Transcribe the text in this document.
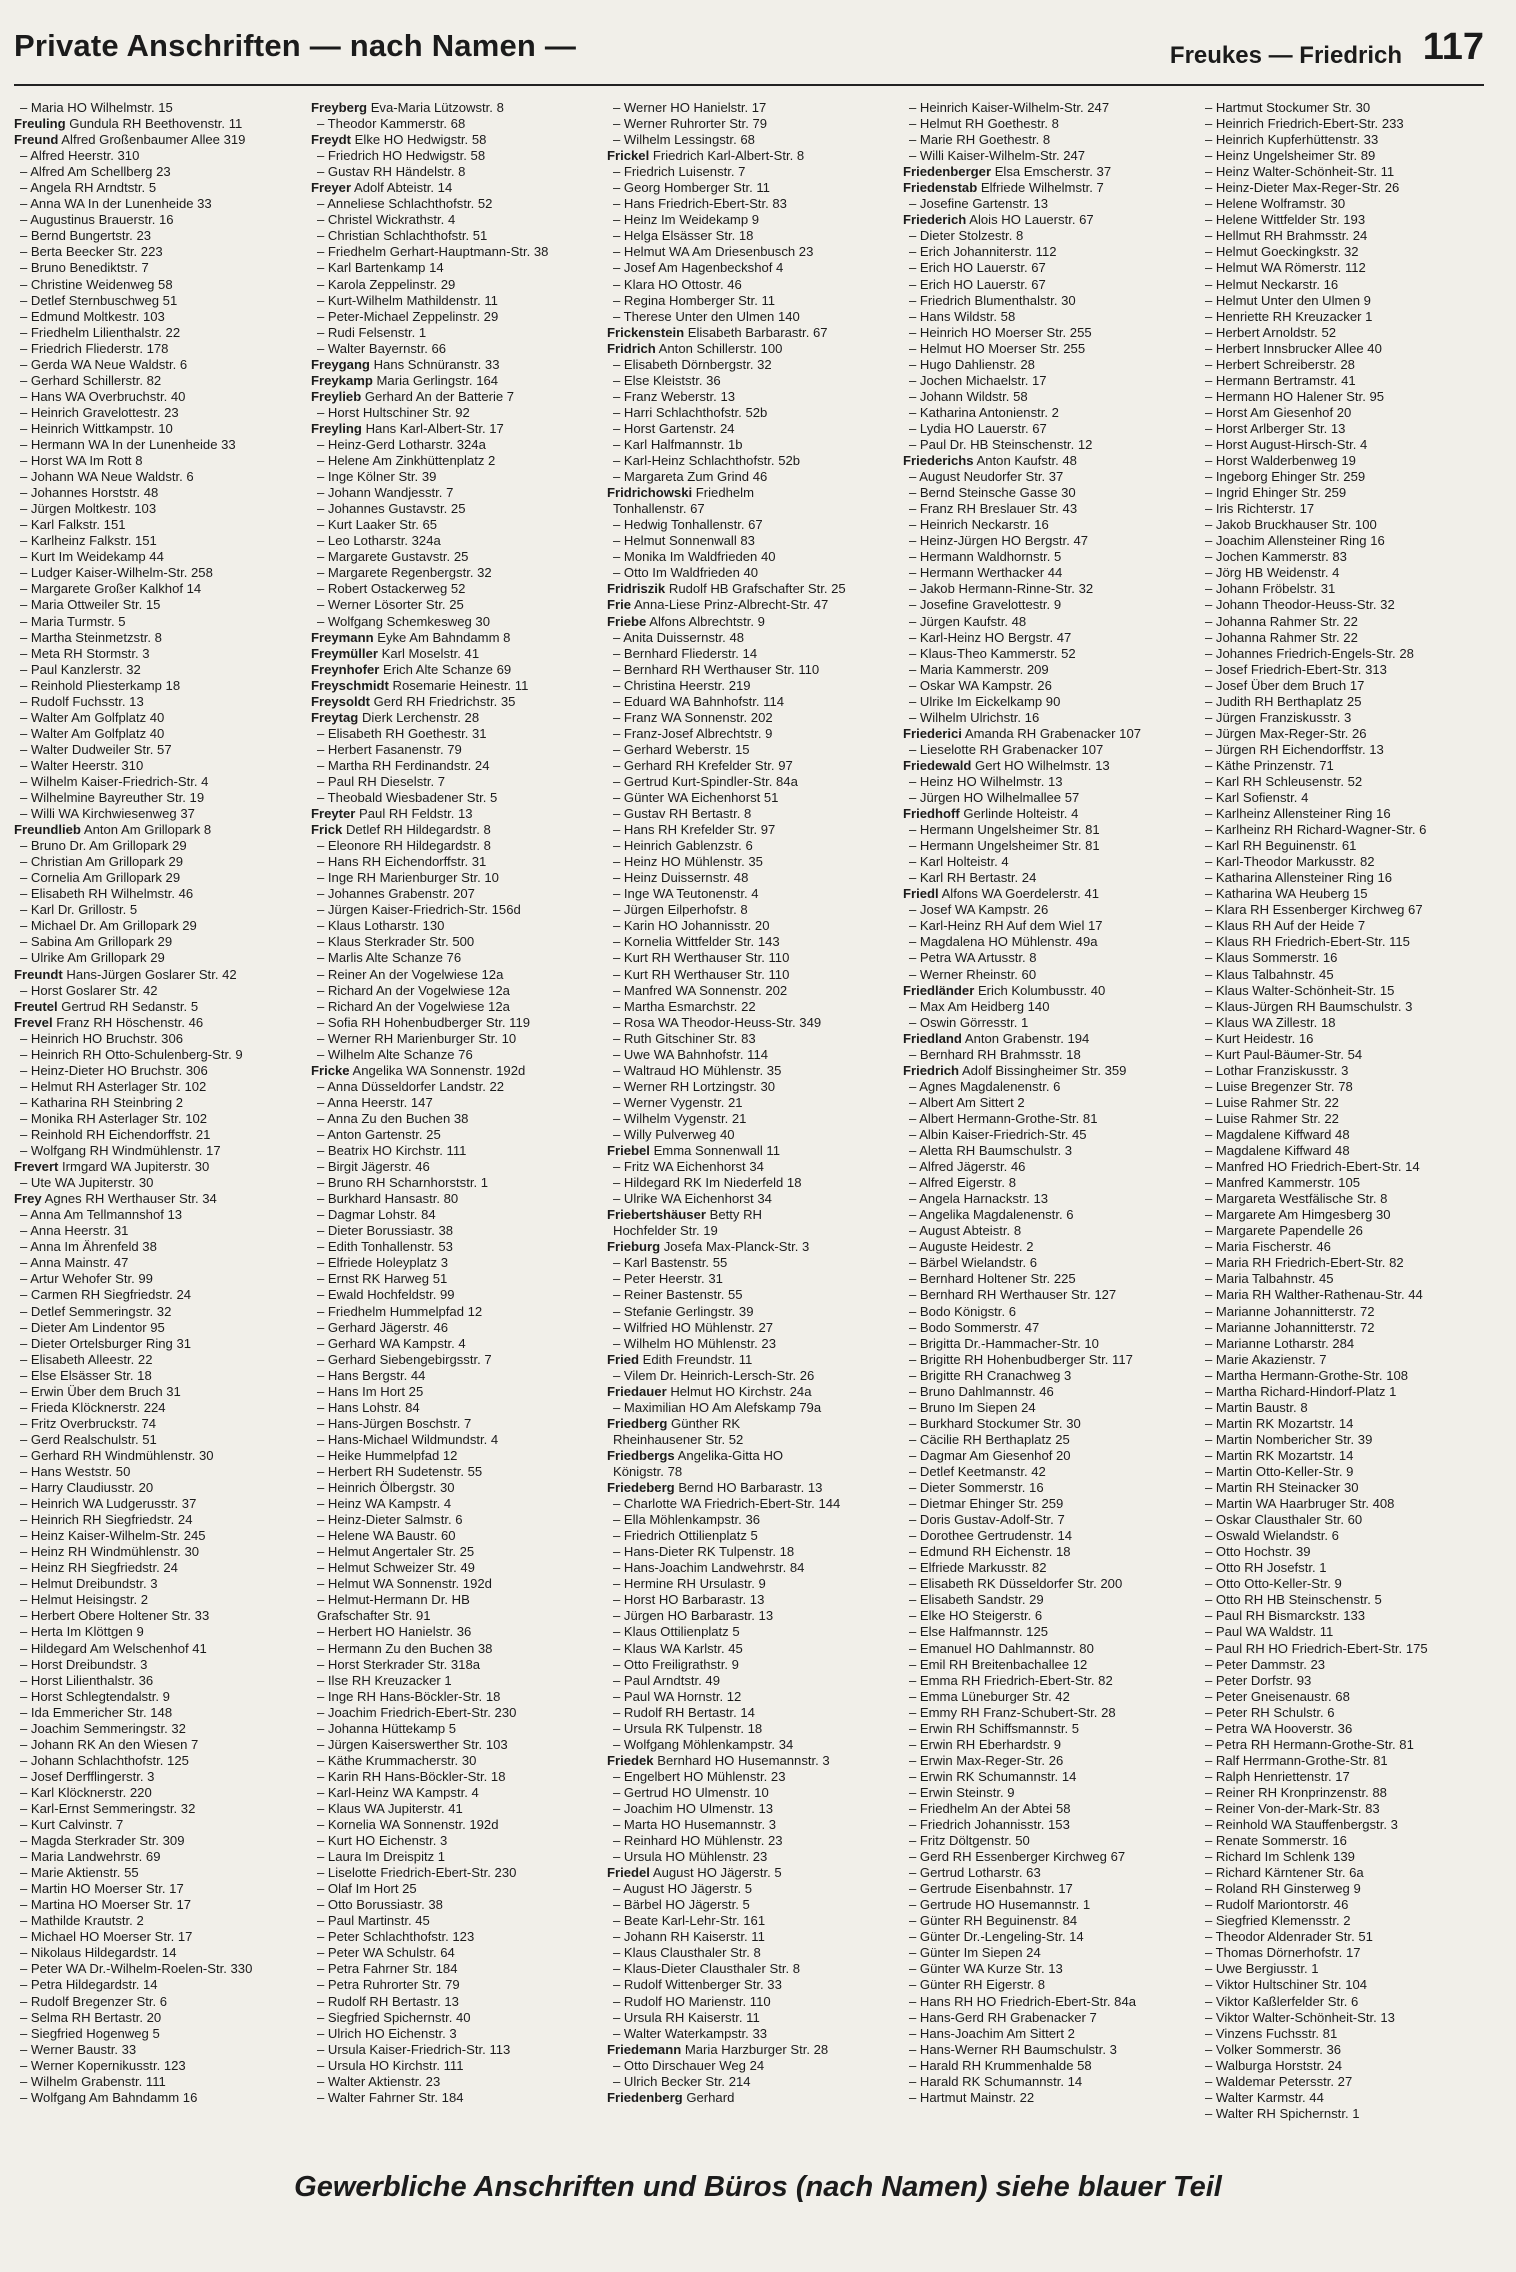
Private Anschriften — nach Namen —	Freukes — Friedrich 117
– Maria HO Wilhelmstr. 15
Freuling Gundula RH Beethovenstr. 11
Freund Alfred Großenbaumer Allee 319
– Alfred Heerstr. 310
– Alfred Am Schellberg 23
– Angela RH Arndtstr. 5
– Anna WA In der Lunenheide 33
– Augustinus Brauerstr. 16
– Bernd Bungertstr. 23
– Berta Beecker Str. 223
– Bruno Benediktstr. 7
– Christine Weidenweg 58
– Detlef Sternbuschweg 51
– Edmund Moltkestr. 103
– Friedhelm Lilienthalstr. 22
– Friedrich Fliederstr. 178
– Gerda WA Neue Waldstr. 6
– Gerhard Schillerstr. 82
– Hans WA Overbruchstr. 40
– Heinrich Gravelottestr. 23
– Heinrich Wittkampstr. 10
– Hermann WA In der Lunenheide 33
– Horst WA Im Rott 8
– Johann WA Neue Waldstr. 6
– Johannes Horststr. 48
– Jürgen Moltkestr. 103
– Karl Falkstr. 151
– Karlheinz Falkstr. 151
– Kurt Im Weidekamp 44
– Ludger Kaiser-Wilhelm-Str. 258
– Margarete Großer Kalkhof 14
– Maria Ottweiler Str. 15
– Maria Turmstr. 5
– Martha Steinmetzstr. 8
– Meta RH Stormstr. 3
– Paul Kanzlerstr. 32
– Reinhold Pliesterkamp 18
– Rudolf Fuchsstr. 13
– Walter Am Golfplatz 40
– Walter Am Golfplatz 40
– Walter Dudweiler Str. 57
– Walter Heerstr. 310
– Wilhelm Kaiser-Friedrich-Str. 4
– Wilhelmine Bayreuther Str. 19
– Willi WA Kirchwiesenweg 37
Freundlieb Anton Am Grillopark 8
– Bruno Dr. Am Grillopark 29
– Christian Am Grillopark 29
– Cornelia Am Grillopark 29
– Elisabeth RH Wilhelmstr. 46
– Karl Dr. Grillostr. 5
– Michael Dr. Am Grillopark 29
– Sabina Am Grillopark 29
– Ulrike Am Grillopark 29
Freundt Hans-Jürgen Goslarer Str. 42
– Horst Goslarer Str. 42
Freutel Gertrud RH Sedanstr. 5
Frevel Franz RH Höschenstr. 46
– Heinrich HO Bruchstr. 306
– Heinrich RH Otto-Schulenberg-Str. 9
– Heinz-Dieter HO Bruchstr. 306
– Helmut RH Asterlager Str. 102
– Katharina RH Steinbring 2
– Monika RH Asterlager Str. 102
– Reinhold RH Eichendorffstr. 21
– Wolfgang RH Windmühlenstr. 17
Frevert Irmgard WA Jupiterstr. 30
– Ute WA Jupiterstr. 30
Frey Agnes RH Werthauser Str. 34
– Anna Am Tellmannshof 13
– Anna Heerstr. 31
– Anna Im Ährenfeld 38
– Anna Mainstr. 47
– Artur Wehofer Str. 99
– Carmen RH Siegfriedstr. 24
– Detlef Semmeringstr. 32
– Dieter Am Lindentor 95
– Dieter Ortelsburger Ring 31
– Elisabeth Alleestr. 22
– Else Elsässer Str. 18
– Erwin Über dem Bruch 31
– Frieda Klöcknerstr. 224
– Fritz Overbruckstr. 74
– Gerd Realschulstr. 51
– Gerhard RH Windmühlenstr. 30
– Hans Weststr. 50
– Harry Claudiusstr. 20
– Heinrich WA Ludgerusstr. 37
– Heinrich RH Siegfriedstr. 24
– Heinz Kaiser-Wilhelm-Str. 245
– Heinz RH Windmühlenstr. 30
– Heinz RH Siegfriedstr. 24
– Helmut Dreibundstr. 3
– Helmut Heisingstr. 2
– Herbert Obere Holtener Str. 33
– Herta Im Klöttgen 9
– Hildegard Am Welschenhof 41
– Horst Dreibundstr. 3
– Horst Lilienthalstr. 36
– Horst Schlegtendalstr. 9
– Ida Emmericher Str. 148
– Joachim Semmeringstr. 32
– Johann RK An den Wiesen 7
– Johann Schlachthofstr. 125
– Josef Derfflingerstr. 3
– Karl Klöcknerstr. 220
– Karl-Ernst Semmeringstr. 32
– Kurt Calvinstr. 7
– Magda Sterkrader Str. 309
– Maria Landwehrstr. 69
– Marie Aktienstr. 55
– Martin HO Moerser Str. 17
– Martina HO Moerser Str. 17
– Mathilde Krautstr. 2
– Michael HO Moerser Str. 17
– Nikolaus Hildegardstr. 14
– Peter WA Dr.-Wilhelm-Roelen-Str. 330
– Petra Hildegardstr. 14
– Rudolf Bregenzer Str. 6
– Selma RH Bertastr. 20
– Siegfried Hogenweg 5
– Werner Baustr. 33
– Werner Kopernikusstr. 123
– Wilhelm Grabenstr. 111
– Wolfgang Am Bahndamm 16
Freyberg Eva-Maria Lützowstr. 8
– Theodor Kammerstr. 68
Freydt Elke HO Hedwigstr. 58
– Friedrich HO Hedwigstr. 58
– Gustav RH Händelstr. 8
Freyer Adolf Abteistr. 14
– Anneliese Schlachthofstr. 52
– Christel Wickrathstr. 4
– Christian Schlachthofstr. 51
– Friedhelm Gerhart-Hauptmann-Str. 38
– Karl Bartenkamp 14
– Karola Zeppelinstr. 29
– Kurt-Wilhelm Mathildenstr. 11
– Peter-Michael Zeppelinstr. 29
– Rudi Felsenstr. 1
– Walter Bayernstr. 66
Freygang Hans Schnüranstr. 33
Freykamp Maria Gerlingstr. 164
Freylieb Gerhard An der Batterie 7
– Horst Hultschiner Str. 92
Freyling Hans Karl-Albert-Str. 17
– Heinz-Gerd Lotharstr. 324a
– Helene Am Zinkhüttenplatz 2
– Inge Kölner Str. 39
– Johann Wandjesstr. 7
– Johannes Gustavstr. 25
– Kurt Laaker Str. 65
– Leo Lotharstr. 324a
– Margarete Gustavstr. 25
– Margarete Regenbergstr. 32
– Robert Ostackerweg 52
– Werner Lösorter Str. 25
– Wolfgang Schemkesweg 30
Freymann Eyke Am Bahndamm 8
Freymüller Karl Moselstr. 41
Freynhofer Erich Alte Schanze 69
Freyschmidt Rosemarie Heinestr. 11
Freysoldt Gerd RH Friedrichstr. 35
Freytag Dierk Lerchenstr. 28
– Elisabeth RH Goethestr. 31
– Herbert Fasanenstr. 79
– Martha RH Ferdinandstr. 24
– Paul RH Dieselstr. 7
– Theobald Wiesbadener Str. 5
Freyter Paul RH Feldstr. 13
Frick Detlef RH Hildegardstr. 8
– Eleonore RH Hildegardstr. 8
– Hans RH Eichendorffstr. 31
– Inge RH Marienburger Str. 10
– Johannes Grabenstr. 207
– Jürgen Kaiser-Friedrich-Str. 156d
– Klaus Lotharstr. 130
– Klaus Sterkrader Str. 500
– Marlis Alte Schanze 76
– Reiner An der Vogelwiese 12a
– Richard An der Vogelwiese 12a
– Richard An der Vogelwiese 12a
– Sofia RH Hohenbudberger Str. 119
– Werner RH Marienburger Str. 10
– Wilhelm Alte Schanze 76
Fricke Angelika WA Sonnenstr. 192d
– Anna Düsseldorfer Landstr. 22
– Anna Heerstr. 147
– Anna Zu den Buchen 38
– Anton Gartenstr. 25
– Beatrix HO Kirchstr. 111
– Birgit Jägerstr. 46
– Bruno RH Scharnhorststr. 1
– Burkhard Hansastr. 80
– Dagmar Lohstr. 84
– Dieter Borussiastr. 38
– Edith Tonhallenstr. 53
– Elfriede Holeyplatz 3
– Ernst RK Harweg 51
– Ewald Hochfeldstr. 99
– Friedhelm Hummelpfad 12
– Gerhard Jägerstr. 46
– Gerhard WA Kampstr. 4
– Gerhard Siebengebirgsstr. 7
– Hans Bergstr. 44
– Hans Im Hort 25
– Hans Lohstr. 84
– Hans-Jürgen Boschstr. 7
– Hans-Michael Wildmundstr. 4
– Heike Hummelpfad 12
– Herbert RH Sudetenstr. 55
– Heinrich Ölbergstr. 30
– Heinz WA Kampstr. 4
– Heinz-Dieter Salmstr. 6
– Helene WA Baustr. 60
– Helmut Angertaler Str. 25
– Helmut Schweizer Str. 49
– Helmut WA Sonnenstr. 192d
– Helmut-Hermann Dr. HB
Grafschafter Str. 91
– Herbert HO Hanielstr. 36
– Hermann Zu den Buchen 38
– Horst Sterkrader Str. 318a
– Ilse RH Kreuzacker 1
– Inge RH Hans-Böckler-Str. 18
– Joachim Friedrich-Ebert-Str. 230
– Johanna Hüttekamp 5
– Jürgen Kaiserswerther Str. 103
– Käthe Krummacherstr. 30
– Karin RH Hans-Böckler-Str. 18
– Karl-Heinz WA Kampstr. 4
– Klaus WA Jupiterstr. 41
– Kornelia WA Sonnenstr. 192d
– Kurt HO Eichenstr. 3
– Laura Im Dreispitz 1
– Liselotte Friedrich-Ebert-Str. 230
– Olaf Im Hort 25
– Otto Borussiastr. 38
– Paul Martinstr. 45
– Peter Schlachthofstr. 123
– Peter WA Schulstr. 64
– Petra Fahrner Str. 184
– Petra Ruhrorter Str. 79
– Rudolf RH Bertastr. 13
– Siegfried Spichernstr. 40
– Ulrich HO Eichenstr. 3
– Ursula Kaiser-Friedrich-Str. 113
– Ursula HO Kirchstr. 111
– Walter Aktienstr. 23
– Walter Fahrner Str. 184
– Werner HO Hanielstr. 17
– Werner Ruhrorter Str. 79
– Wilhelm Lessingstr. 68
Frickel Friedrich Karl-Albert-Str. 8
– Friedrich Luisenstr. 7
– Georg Homberger Str. 11
– Hans Friedrich-Ebert-Str. 83
– Heinz Im Weidekamp 9
– Helga Elsässer Str. 18
– Helmut WA Am Driesenbusch 23
– Josef Am Hagenbeckshof 4
– Klara HO Ottostr. 46
– Regina Homberger Str. 11
– Therese Unter den Ulmen 140
Frickenstein Elisabeth Barbarastr. 67
Fridrich Anton Schillerstr. 100
– Elisabeth Dörnbergstr. 32
– Else Kleiststr. 36
– Franz Weberstr. 13
– Harri Schlachthofstr. 52b
– Horst Gartenstr. 24
– Karl Halfmannstr. 1b
– Karl-Heinz Schlachthofstr. 52b
– Margareta Zum Grind 46
Fridrichowski Friedhelm
Tonhallenstr. 67
– Hedwig Tonhallenstr. 67
– Helmut Sonnenwall 83
– Monika Im Waldfrieden 40
– Otto Im Waldfrieden 40
Fridriszik Rudolf HB Grafschafter Str. 25
Frie Anna-Liese Prinz-Albrecht-Str. 47
Friebe Alfons Albrechtstr. 9
– Anita Duissernstr. 48
– Bernhard Fliederstr. 14
– Bernhard RH Werthauser Str. 110
– Christina Heerstr. 219
– Eduard WA Bahnhofstr. 114
– Franz WA Sonnenstr. 202
– Franz-Josef Albrechtstr. 9
– Gerhard Weberstr. 15
– Gerhard RH Krefelder Str. 97
– Gertrud Kurt-Spindler-Str. 84a
– Günter WA Eichenhorst 51
– Gustav RH Bertastr. 8
– Hans RH Krefelder Str. 97
– Heinrich Gablenzstr. 6
– Heinz HO Mühlenstr. 35
– Heinz Duissernstr. 48
– Inge WA Teutonenstr. 4
– Jürgen Eilperhofstr. 8
– Karin HO Johannisstr. 20
– Kornelia Wittfelder Str. 143
– Kurt RH Werthauser Str. 110
– Kurt RH Werthauser Str. 110
– Manfred WA Sonnenstr. 202
– Martha Esmarchstr. 22
– Rosa WA Theodor-Heuss-Str. 349
– Ruth Gitschiner Str. 83
– Uwe WA Bahnhofstr. 114
– Waltraud HO Mühlenstr. 35
– Werner RH Lortzingstr. 30
– Werner Vygenstr. 21
– Wilhelm Vygenstr. 21
– Willy Pulverweg 40
Friebel Emma Sonnenwall 11
– Fritz WA Eichenhorst 34
– Hildegard RK Im Niederfeld 18
– Ulrike WA Eichenhorst 34
Friebertshäuser Betty RH
Hochfelder Str. 19
Frieburg Josefa Max-Planck-Str. 3
– Karl Bastenstr. 55
– Peter Heerstr. 31
– Reiner Bastenstr. 55
– Stefanie Gerlingstr. 39
– Wilfried HO Mühlenstr. 27
– Wilhelm HO Mühlenstr. 23
Fried Edith Freundstr. 11
– Vilem Dr. Heinrich-Lersch-Str. 26
Friedauer Helmut HO Kirchstr. 24a
– Maximilian HO Am Alefskamp 79a
Friedberg Günther RK
Rheinhausener Str. 52
Friedbergs Angelika-Gitta HO
Königstr. 78
Friedeberg Bernd HO Barbarastr. 13
– Charlotte WA Friedrich-Ebert-Str. 144
– Ella Möhlenkampstr. 36
– Friedrich Ottilienplatz 5
– Hans-Dieter RK Tulpenstr. 18
– Hans-Joachim Landwehrstr. 84
– Hermine RH Ursulastr. 9
– Horst HO Barbarastr. 13
– Jürgen HO Barbarastr. 13
– Klaus Ottilienplatz 5
– Klaus WA Karlstr. 45
– Otto Freiligrathstr. 9
– Paul Arndtstr. 49
– Paul WA Hornstr. 12
– Rudolf RH Bertastr. 14
– Ursula RK Tulpenstr. 18
– Wolfgang Möhlenkampstr. 34
Friedek Bernhard HO Husemannstr. 3
– Engelbert HO Mühlenstr. 23
– Gertrud HO Ulmenstr. 10
– Joachim HO Ulmenstr. 13
– Marta HO Husemannstr. 3
– Reinhard HO Mühlenstr. 23
– Ursula HO Mühlenstr. 23
Friedel August HO Jägerstr. 5
– August HO Jägerstr. 5
– Bärbel HO Jägerstr. 5
– Beate Karl-Lehr-Str. 161
– Johann RH Kaiserstr. 11
– Klaus Clausthaler Str. 8
– Klaus-Dieter Clausthaler Str. 8
– Rudolf Wittenberger Str. 33
– Rudolf HO Marienstr. 110
– Ursula RH Kaiserstr. 11
– Walter Waterkampstr. 33
Friedemann Maria Harzburger Str. 28
– Otto Dirschauer Weg 24
– Ulrich Becker Str. 214
Friedenberg Gerhard
– Heinrich Kaiser-Wilhelm-Str. 247
– Helmut RH Goethestr. 8
– Marie RH Goethestr. 8
– Willi Kaiser-Wilhelm-Str. 247
Friedenberger Elsa Emscherstr. 37
Friedenstab Elfriede Wilhelmstr. 7
– Josefine Gartenstr. 13
Friederich Alois HO Lauerstr. 67
– Dieter Stolzestr. 8
– Erich Johanniterstr. 112
– Erich HO Lauerstr. 67
– Erich HO Lauerstr. 67
– Friedrich Blumenthalstr. 30
– Hans Wildstr. 58
– Heinrich HO Moerser Str. 255
– Helmut HO Moerser Str. 255
– Hugo Dahlienstr. 28
– Jochen Michaelstr. 17
– Johann Wildstr. 58
– Katharina Antonienstr. 2
– Lydia HO Lauerstr. 67
– Paul Dr. HB Steinschenstr. 12
Friederichs Anton Kaufstr. 48
– August Neudorfer Str. 37
– Bernd Steinsche Gasse 30
– Franz RH Breslauer Str. 43
– Heinrich Neckarstr. 16
– Heinz-Jürgen HO Bergstr. 47
– Hermann Waldhornstr. 5
– Hermann Werthacker 44
– Jakob Hermann-Rinne-Str. 32
– Josefine Gravelottestr. 9
– Jürgen Kaufstr. 48
– Karl-Heinz HO Bergstr. 47
– Klaus-Theo Kammerstr. 52
– Maria Kammerstr. 209
– Oskar WA Kampstr. 26
– Ulrike Im Eickelkamp 90
– Wilhelm Ulrichstr. 16
Friederici Amanda RH Grabenacker 107
– Lieselotte RH Grabenacker 107
Friedewald Gert HO Wilhelmstr. 13
– Heinz HO Wilhelmstr. 13
– Jürgen HO Wilhelmallee 57
Friedhoff Gerlinde Holteistr. 4
– Hermann Ungelsheimer Str. 81
– Hermann Ungelsheimer Str. 81
– Karl Holteistr. 4
– Karl RH Bertastr. 24
Friedl Alfons WA Goerdelerstr. 41
– Josef WA Kampstr. 26
– Karl-Heinz RH Auf dem Wiel 17
– Magdalena HO Mühlenstr. 49a
– Petra WA Artusstr. 8
– Werner Rheinstr. 60
Friedländer Erich Kolumbusstr. 40
– Max Am Heidberg 140
– Oswin Görresstr. 1
Friedland Anton Grabenstr. 194
– Bernhard RH Brahmsstr. 18
Friedrich Adolf Bissingheimer Str. 359
– Agnes Magdalenenstr. 6
– Albert Am Sittert 2
– Albert Hermann-Grothe-Str. 81
– Albin Kaiser-Friedrich-Str. 45
– Aletta RH Baumschulstr. 3
– Alfred Jägerstr. 46
– Alfred Eigerstr. 8
– Angela Harnackstr. 13
– Angelika Magdalenenstr. 6
– August Abteistr. 8
– Auguste Heidestr. 2
– Bärbel Wielandstr. 6
– Bernhard Holtener Str. 225
– Bernhard RH Werthauser Str. 127
– Bodo Königstr. 6
– Bodo Sommerstr. 47
– Brigitta Dr.-Hammacher-Str. 10
– Brigitte RH Hohenbudberger Str. 117
– Brigitte RH Cranachweg 3
– Bruno Dahlmannstr. 46
– Bruno Im Siepen 24
– Burkhard Stockumer Str. 30
– Cäcilie RH Berthaplatz 25
– Dagmar Am Giesenhof 20
– Detlef Keetmanstr. 42
– Dieter Sommerstr. 16
– Dietmar Ehinger Str. 259
– Doris Gustav-Adolf-Str. 7
– Dorothee Gertrudenstr. 14
– Edmund RH Eichenstr. 18
– Elfriede Markusstr. 82
– Elisabeth RK Düsseldorfer Str. 200
– Elisabeth Sandstr. 29
– Elke HO Steigerstr. 6
– Else Halfmannstr. 125
– Emanuel HO Dahlmannstr. 80
– Emil RH Breitenbachallee 12
– Emma RH Friedrich-Ebert-Str. 82
– Emma Lüneburger Str. 42
– Emmy RH Franz-Schubert-Str. 28
– Erwin RH Schiffsmannstr. 5
– Erwin RH Eberhardstr. 9
– Erwin Max-Reger-Str. 26
– Erwin RK Schumannstr. 14
– Erwin Steinstr. 9
– Friedhelm An der Abtei 58
– Friedrich Johannisstr. 153
– Fritz Döltgenstr. 50
– Gerd RH Essenberger Kirchweg 67
– Gertrud Lotharstr. 63
– Gertrude Eisenbahnstr. 17
– Gertrude HO Husemannstr. 1
– Günter RH Beguinenstr. 84
– Günter Dr.-Lengeling-Str. 14
– Günter Im Siepen 24
– Günter WA Kurze Str. 13
– Günter RH Eigerstr. 8
– Hans RH HO Friedrich-Ebert-Str. 84a
– Hans-Gerd RH Grabenacker 7
– Hans-Joachim Am Sittert 2
– Hans-Werner RH Baumschulstr. 3
– Harald RH Krummenhalde 58
– Harald RK Schumannstr. 14
– Hartmut Mainstr. 22
– Hartmut Stockumer Str. 30
– Heinrich Friedrich-Ebert-Str. 233
– Heinrich Kupferhüttenstr. 33
– Heinz Ungelsheimer Str. 89
– Heinz Walter-Schönheit-Str. 11
– Heinz-Dieter Max-Reger-Str. 26
– Helene Wolframstr. 30
– Helene Wittfelder Str. 193
– Hellmut RH Brahmsstr. 24
– Helmut Goeckingkstr. 32
– Helmut WA Römerstr. 112
– Helmut Neckarstr. 16
– Helmut Unter den Ulmen 9
– Henriette RH Kreuzacker 1
– Herbert Arnoldstr. 52
– Herbert Innsbrucker Allee 40
– Herbert Schreiberstr. 28
– Hermann Bertramstr. 41
– Hermann HO Halener Str. 95
– Horst Am Giesenhof 20
– Horst Arlberger Str. 13
– Horst August-Hirsch-Str. 4
– Horst Walderbenweg 19
– Ingeborg Ehinger Str. 259
– Ingrid Ehinger Str. 259
– Iris Richterstr. 17
– Jakob Bruckhauser Str. 100
– Joachim Allensteiner Ring 16
– Jochen Kammerstr. 83
– Jörg HB Weidenstr. 4
– Johann Fröbelstr. 31
– Johann Theodor-Heuss-Str. 32
– Johanna Rahmer Str. 22
– Johanna Rahmer Str. 22
– Johannes Friedrich-Engels-Str. 28
– Josef Friedrich-Ebert-Str. 313
– Josef Über dem Bruch 17
– Judith RH Berthaplatz 25
– Jürgen Franziskusstr. 3
– Jürgen Max-Reger-Str. 26
– Jürgen RH Eichendorffstr. 13
– Käthe Prinzenstr. 71
– Karl RH Schleusenstr. 52
– Karl Sofienstr. 4
– Karlheinz Allensteiner Ring 16
– Karlheinz RH Richard-Wagner-Str. 6
– Karl RH Beguinenstr. 61
– Karl-Theodor Markusstr. 82
– Katharina Allensteiner Ring 16
– Katharina WA Heuberg 15
– Klara RH Essenberger Kirchweg 67
– Klaus RH Auf der Heide 7
– Klaus RH Friedrich-Ebert-Str. 115
– Klaus Sommerstr. 16
– Klaus Talbahnstr. 45
– Klaus Walter-Schönheit-Str. 15
– Klaus-Jürgen RH Baumschulstr. 3
– Klaus WA Zillestr. 18
– Kurt Heidestr. 16
– Kurt Paul-Bäumer-Str. 54
– Lothar Franziskusstr. 3
– Luise Bregenzer Str. 78
– Luise Rahmer Str. 22
– Luise Rahmer Str. 22
– Magdalene Kiffward 48
– Magdalene Kiffward 48
– Manfred HO Friedrich-Ebert-Str. 14
– Manfred Kammerstr. 105
– Margareta Westfälische Str. 8
– Margarete Am Himgesberg 30
– Margarete Papendelle 26
– Maria Fischerstr. 46
– Maria RH Friedrich-Ebert-Str. 82
– Maria Talbahnstr. 45
– Maria RH Walther-Rathenau-Str. 44
– Marianne Johannitterstr. 72
– Marianne Johannitterstr. 72
– Marianne Lotharstr. 284
– Marie Akazienstr. 7
– Martha Hermann-Grothe-Str. 108
– Martha Richard-Hindorf-Platz 1
– Martin Baustr. 8
– Martin RK Mozartstr. 14
– Martin Nombericher Str. 39
– Martin RK Mozartstr. 14
– Martin Otto-Keller-Str. 9
– Martin RH Steinacker 30
– Martin WA Haarbruger Str. 408
– Oskar Clausthaler Str. 60
– Oswald Wielandstr. 6
– Otto Hochstr. 39
– Otto RH Josefstr. 1
– Otto Otto-Keller-Str. 9
– Otto RH HB Steinschenstr. 5
– Paul RH Bismarckstr. 133
– Paul WA Waldstr. 11
– Paul RH HO Friedrich-Ebert-Str. 175
– Peter Dammstr. 23
– Peter Dorfstr. 93
– Peter Gneisenaustr. 68
– Peter RH Schulstr. 6
– Petra WA Hooverstr. 36
– Petra RH Hermann-Grothe-Str. 81
– Ralf Herrmann-Grothe-Str. 81
– Ralph Henriettenstr. 17
– Reiner RH Kronprinzenstr. 88
– Reiner Von-der-Mark-Str. 83
– Reinhold WA Stauffenbergstr. 3
– Renate Sommerstr. 16
– Richard Im Schlenk 139
– Richard Kärntener Str. 6a
– Roland RH Ginsterweg 9
– Rudolf Mariontorstr. 46
– Siegfried Klemensstr. 2
– Theodor Aldenrader Str. 51
– Thomas Dörnerhofstr. 17
– Uwe Bergiusstr. 1
– Viktor Hultschiner Str. 104
– Viktor Kaßlerfelder Str. 6
– Viktor Walter-Schönheit-Str. 13
– Vinzens Fuchsstr. 81
– Volker Sommerstr. 36
– Walburga Horststr. 24
– Waldemar Petersstr. 27
– Walter Karmstr. 44
– Walter RH Spichernstr. 1
Gewerbliche Anschriften und Büros (nach Namen) siehe blauer Teil
